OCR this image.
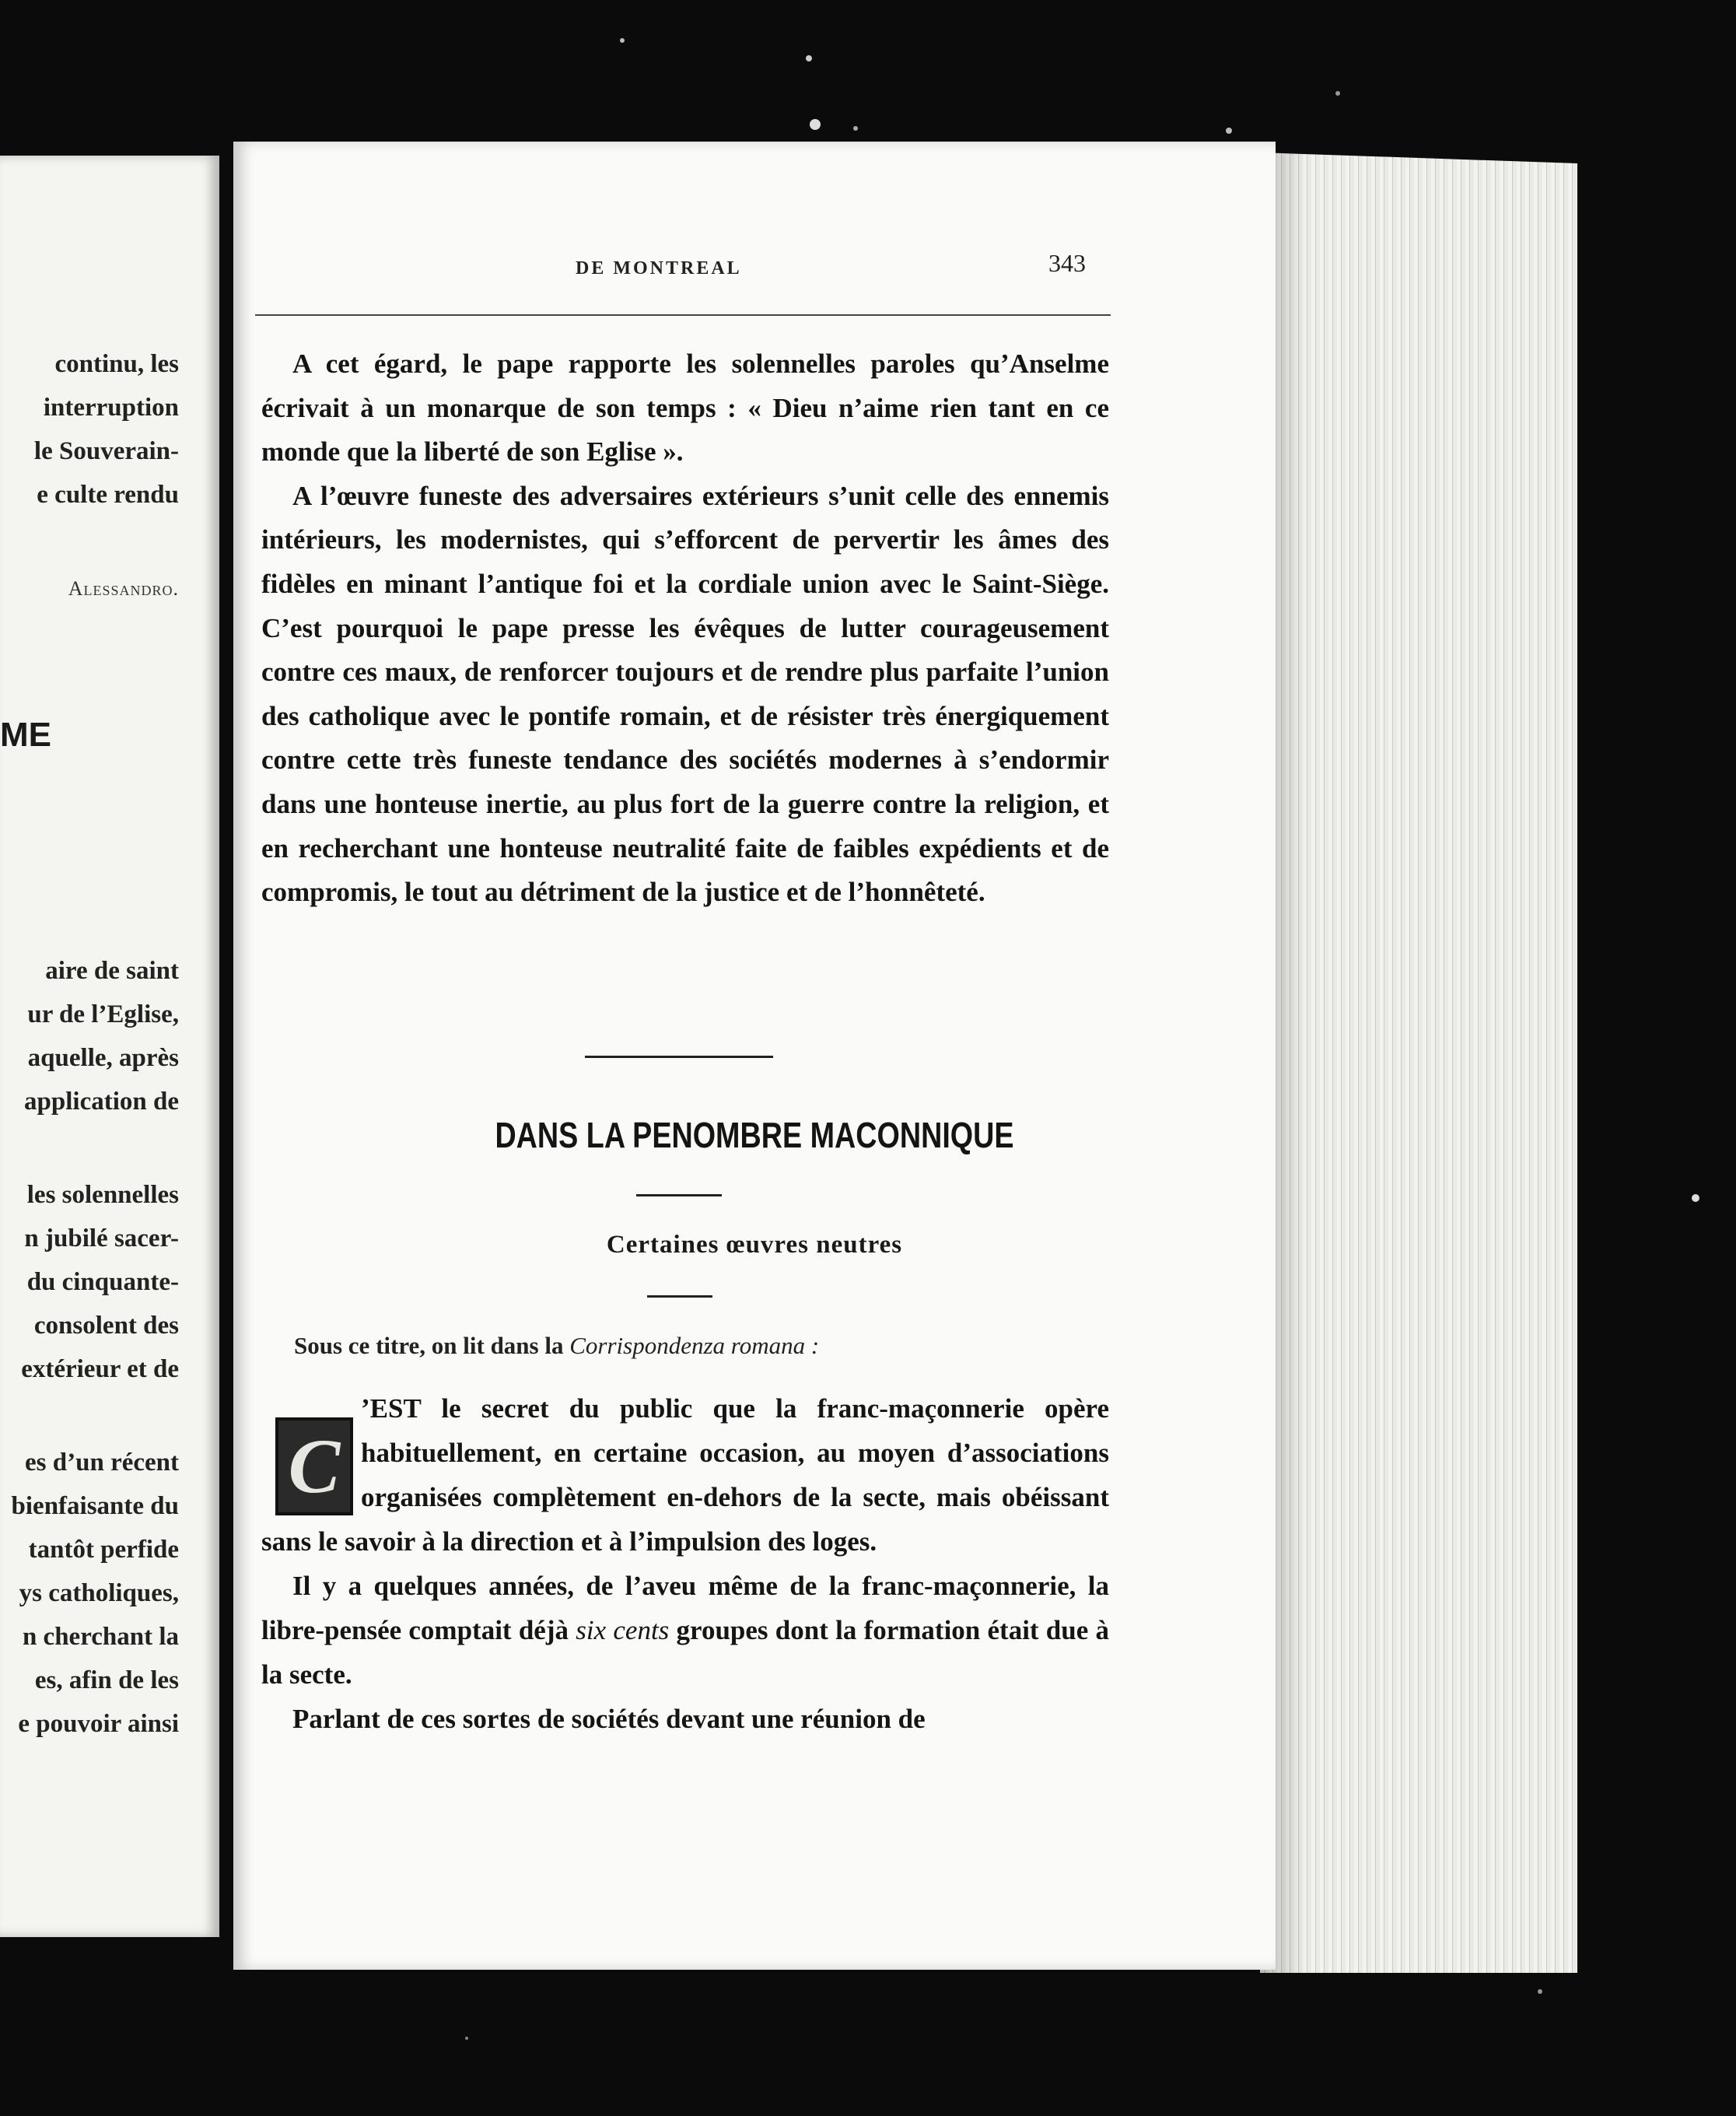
continu, les
interruption
le Souverain-
e culte rendu
Alessandro.
ME
aire de saint
ur de l’Eglise,
aquelle, après
application de
les solennelles
n jubilé sacer-
du cinquante-
consolent des
extérieur et de
es d’un récent
bienfaisante du
tantôt perfide
ys catholiques,
n cherchant la
es, afin de les
e pouvoir ainsi
DE MONTREAL	343

A cet égard, le pape rapporte les solennelles paroles qu’Anselme écrivait à un monarque de son temps : « Dieu n’aime rien tant en ce monde que la liberté de son Eglise ».

A l’œuvre funeste des adversaires extérieurs s’unit celle des ennemis intérieurs, les modernistes, qui s’efforcent de pervertir les âmes des fidèles en minant l’antique foi et la cordiale union avec le Saint-Siège. C’est pourquoi le pape presse les évêques de lutter courageusement contre ces maux, de renforcer toujours et de rendre plus parfaite l’union des catholique avec le pontife romain, et de résister très énergiquement contre cette très funeste tendance des sociétés modernes à s’endormir dans une honteuse inertie, au plus fort de la guerre contre la religion, et en recherchant une honteuse neutralité faite de faibles expédients et de compromis, le tout au détriment de la justice et de l’honnêteté.

DANS LA PENOMBRE MACONNIQUE
Certaines œuvres neutres
Sous ce titre, on lit dans la Corrispondenza romana :

’EST le secret du public que la franc-maçonnerie opère habituellement, en certaine occasion, au moyen d’associations organisées complètement en-dehors de la secte, mais obéissant sans le savoir à la direction et à l’impulsion des loges.

Il y a quelques années, de l’aveu même de la franc-maçonnerie, la libre-pensée comptait déjà six cents groupes dont la formation était due à la secte.

Parlant de ces sortes de sociétés devant une réunion de

C
